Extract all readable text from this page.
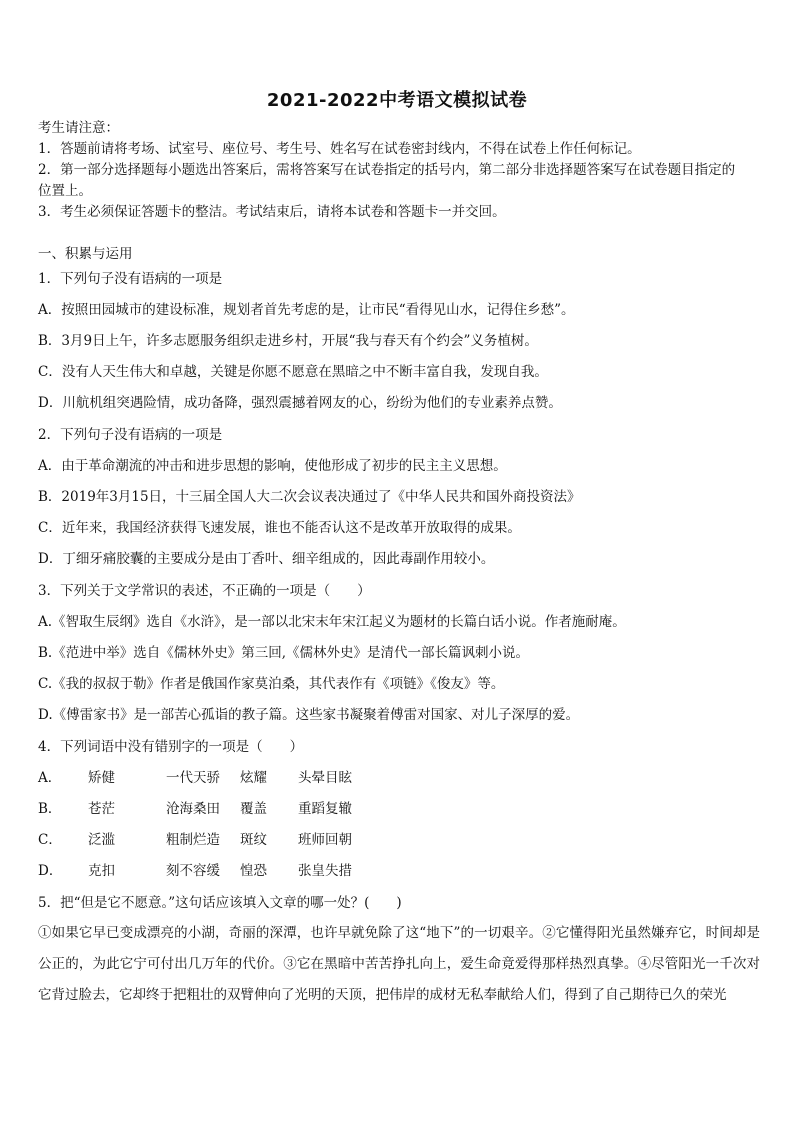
2021-2022中考语文模拟试卷
考生请注意：
1．答题前请将考场、试室号、座位号、考生号、姓名写在试卷密封线内，不得在试卷上作任何标记。
2．第一部分选择题每小题选出答案后，需将答案写在试卷指定的括号内，第二部分非选择题答案写在试卷题目指定的
位置上。
3．考生必须保证答题卡的整洁。考试结束后，请将本试卷和答题卡一并交回。
一、积累与运用
1．下列句子没有语病的一项是
A．按照田园城市的建设标准，规划者首先考虑的是，让市民“看得见山水，记得住乡愁”。
B．3月9日上午，许多志愿服务组织走进乡村，开展“我与春天有个约会”义务植树。
C．没有人天生伟大和卓越，关键是你愿不愿意在黑暗之中不断丰富自我，发现自我。
D．川航机组突遇险情，成功备降，强烈震撼着网友的心，纷纷为他们的专业素养点赞。
2．下列句子没有语病的一项是
A．由于革命潮流的冲击和进步思想的影响，使他形成了初步的民主主义思想。
B．2019年3月15日，十三届全国人大二次会议表决通过了《中华人民共和国外商投资法》
C．近年来，我国经济获得飞速发展，谁也不能否认这不是改革开放取得的成果。
D．丁细牙痛胶囊的主要成分是由丁香叶、细辛组成的，因此毒副作用较小。
3．下列关于文学常识的表述，不正确的一项是（　　）
A.《智取生辰纲》选自《水浒》，是一部以北宋末年宋江起义为题材的长篇白话小说。作者施耐庵。
B.《范进中举》选自《儒林外史》第三回,《儒林外史》是清代一部长篇讽刺小说。
C.《我的叔叔于勒》作者是俄国作家莫泊桑，其代表作有《项链》《俊友》等。
D.《傅雷家书》是一部苦心孤诣的教子篇。这些家书凝聚着傅雷对国家、对儿子深厚的爱。
4．下列词语中没有错别字的一项是（　　）
A． 矫健	一代天骄 炫耀 头晕目眩
B． 苍茫	沧海桑田 覆盖 重蹈复辙
C． 泛滥	粗制烂造 斑纹 班师回朝
D． 克扣	刻不容缓 惶恐 张皇失措
5．把“但是它不愿意。”这句话应该填入文章的哪一处？(　　)
①如果它早已变成漂亮的小湖，奇丽的深潭，也许早就免除了这“地下”的一切艰辛。②它懂得阳光虽然嫌弃它，时间却是公正的，为此它宁可付出几万年的代价。③它在黑暗中苦苦挣扎向上，爱生命竟爱得那样热烈真挚。④尽管阳光一千次对它背过脸去，它却终于把粗壮的双臂伸向了光明的天顶，把伟岸的成材无私奉献给人们，得到了自己期待已久的荣光
